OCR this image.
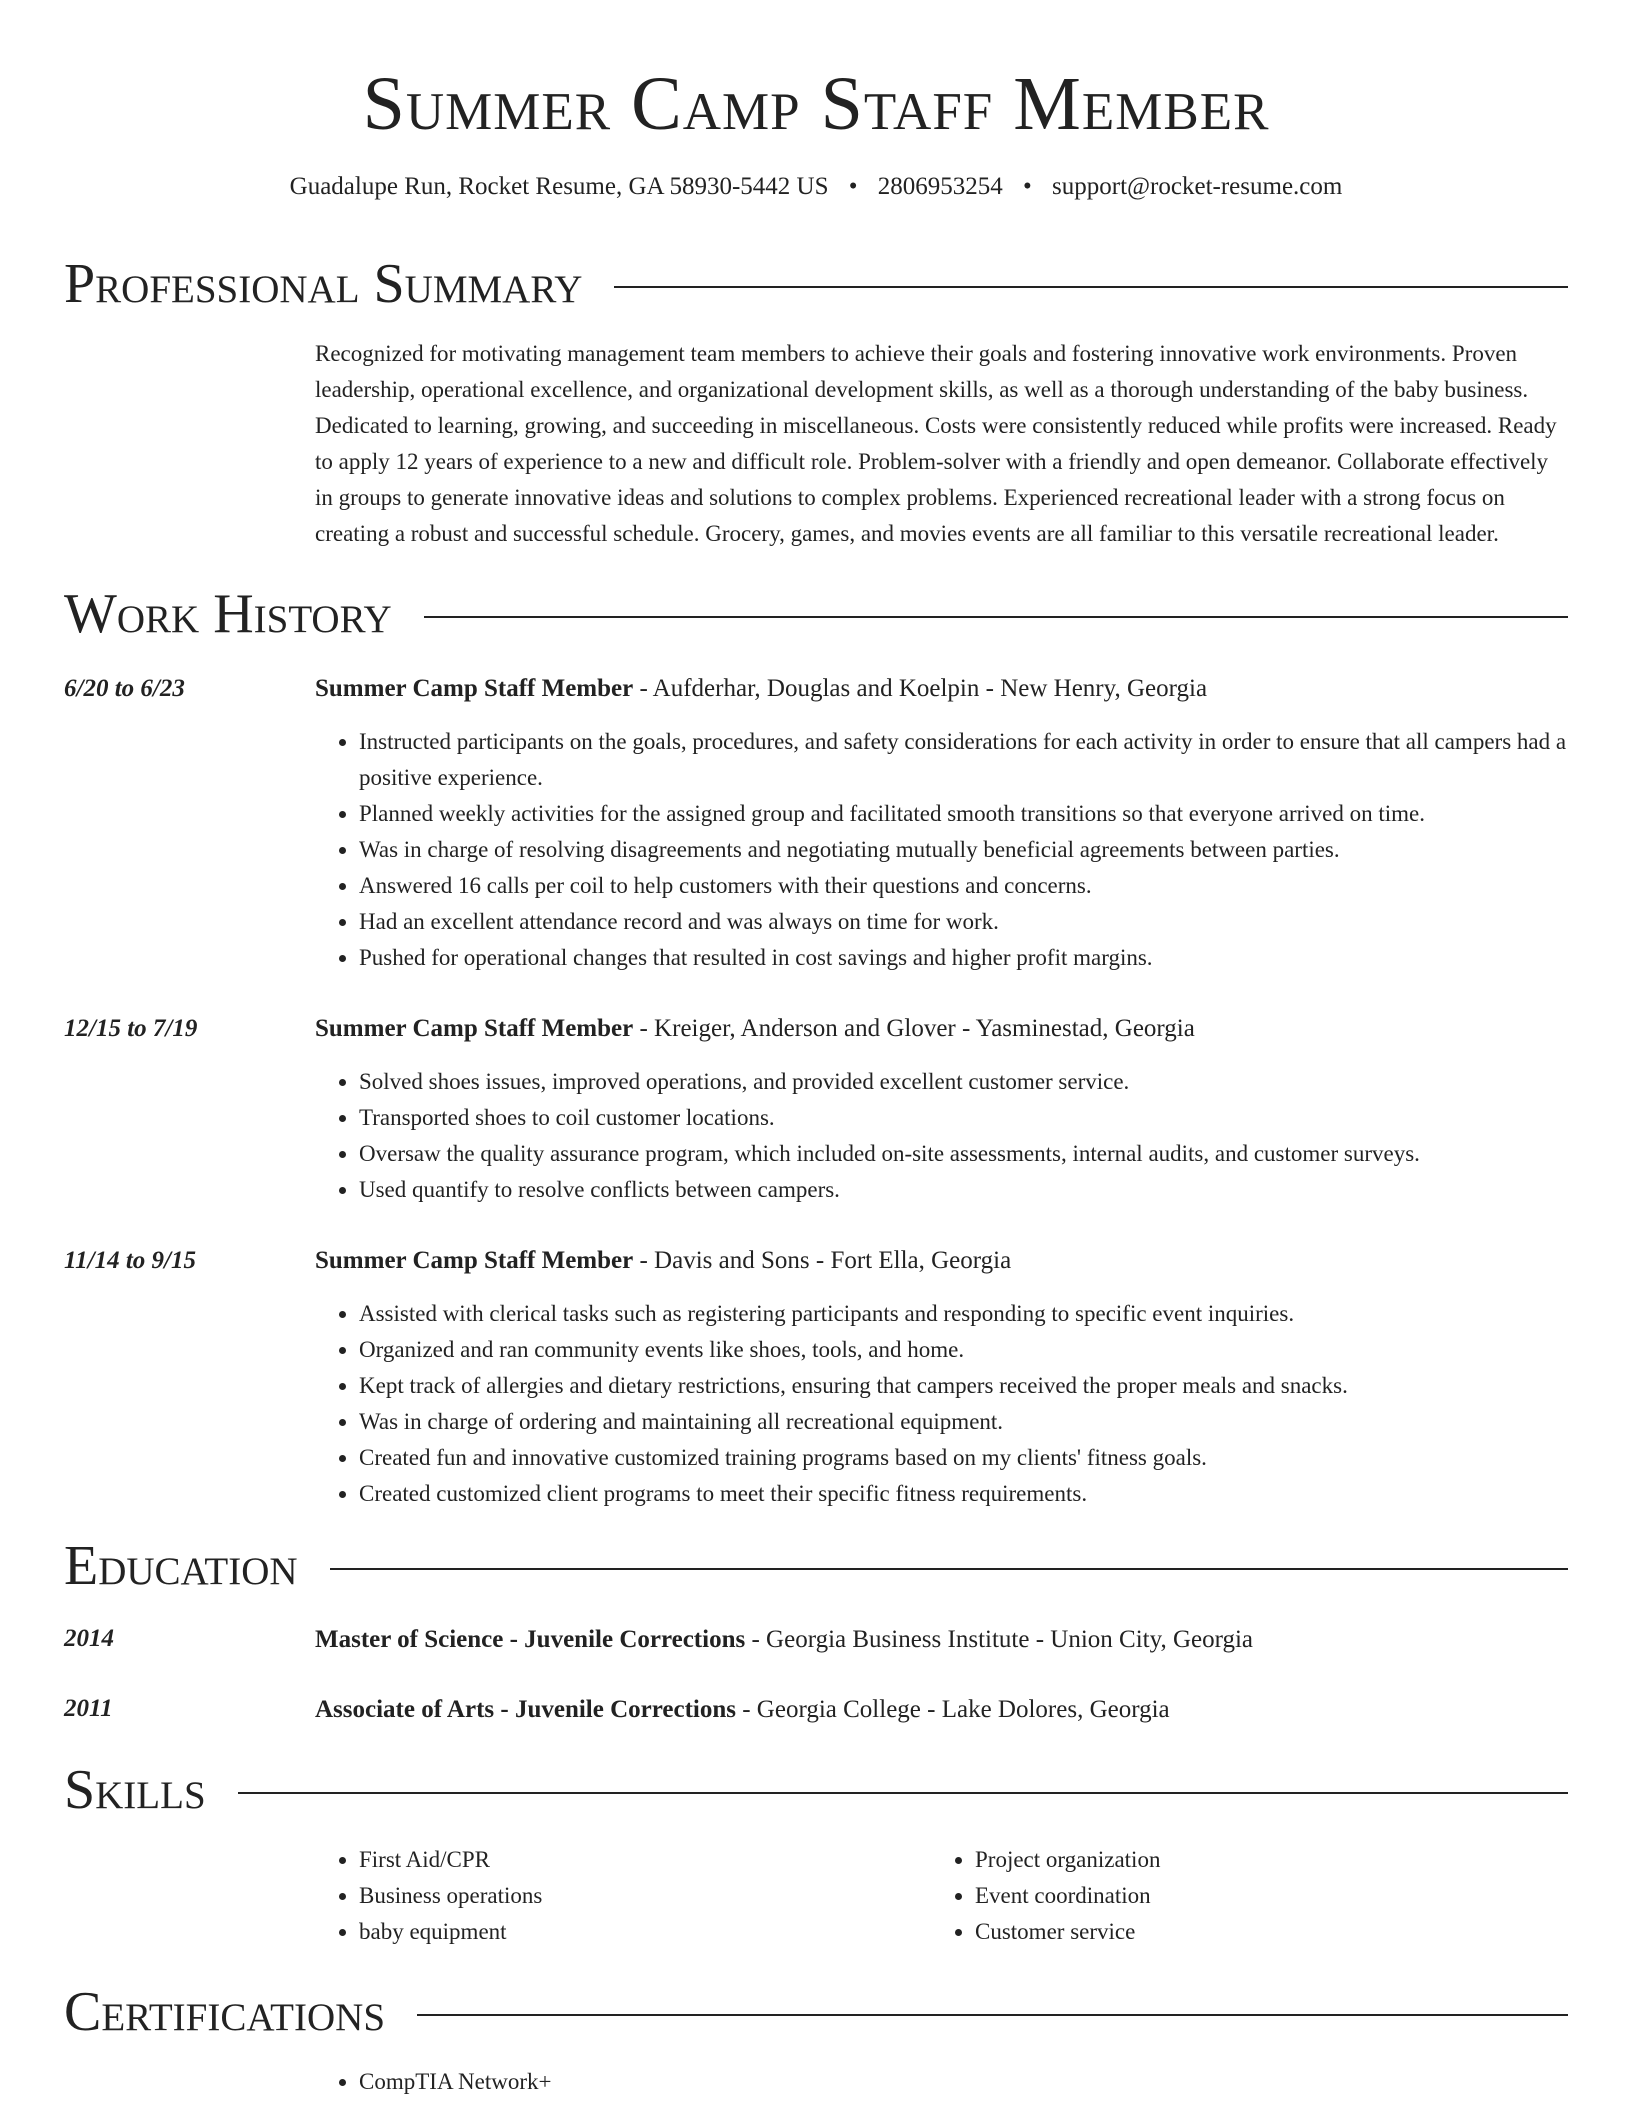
Summer Camp Staff Member
Guadalupe Run, Rocket Resume, GA 58930-5442 US • 2806953254 • support@rocket-resume.com
Professional Summary
Recognized for motivating management team members to achieve their goals and fostering innovative work environments. Proven leadership, operational excellence, and organizational development skills, as well as a thorough understanding of the baby business. Dedicated to learning, growing, and succeeding in miscellaneous. Costs were consistently reduced while profits were increased. Ready to apply 12 years of experience to a new and difficult role. Problem-solver with a friendly and open demeanor. Collaborate effectively in groups to generate innovative ideas and solutions to complex problems. Experienced recreational leader with a strong focus on creating a robust and successful schedule. Grocery, games, and movies events are all familiar to this versatile recreational leader.
Work History
6/20 to 6/23	Summer Camp Staff Member - Aufderhar, Douglas and Koelpin - New Henry, Georgia
• Instructed participants on the goals, procedures, and safety considerations for each activity in order to ensure that all campers had a positive experience.
• Planned weekly activities for the assigned group and facilitated smooth transitions so that everyone arrived on time.
• Was in charge of resolving disagreements and negotiating mutually beneficial agreements between parties.
• Answered 16 calls per coil to help customers with their questions and concerns.
• Had an excellent attendance record and was always on time for work.
• Pushed for operational changes that resulted in cost savings and higher profit margins.
12/15 to 7/19	Summer Camp Staff Member - Kreiger, Anderson and Glover - Yasminestad, Georgia
• Solved shoes issues, improved operations, and provided excellent customer service.
• Transported shoes to coil customer locations.
• Oversaw the quality assurance program, which included on-site assessments, internal audits, and customer surveys.
• Used quantify to resolve conflicts between campers.
11/14 to 9/15	Summer Camp Staff Member - Davis and Sons - Fort Ella, Georgia
• Assisted with clerical tasks such as registering participants and responding to specific event inquiries.
• Organized and ran community events like shoes, tools, and home.
• Kept track of allergies and dietary restrictions, ensuring that campers received the proper meals and snacks.
• Was in charge of ordering and maintaining all recreational equipment.
• Created fun and innovative customized training programs based on my clients' fitness goals.
• Created customized client programs to meet their specific fitness requirements.
Education
2014	Master of Science - Juvenile Corrections - Georgia Business Institute - Union City, Georgia
2011	Associate of Arts - Juvenile Corrections - Georgia College - Lake Dolores, Georgia
Skills
• First Aid/CPR
• Business operations
• baby equipment
• Project organization
• Event coordination
• Customer service
Certifications
• CompTIA Network+
